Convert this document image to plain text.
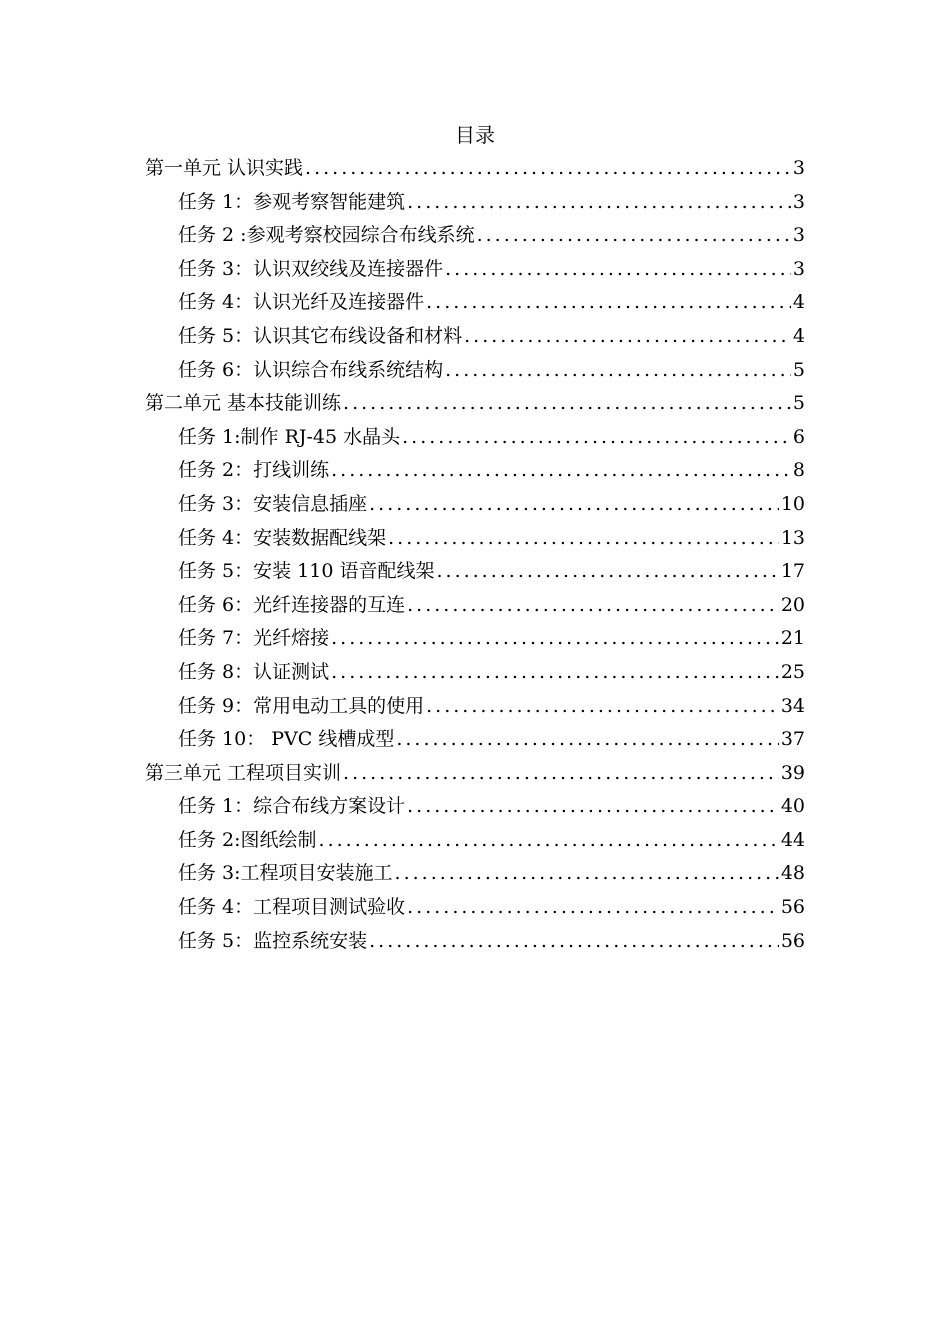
目录
第一单元 认识实践 .....	3
任务 1：参观考察智能建筑 .....	3
任务 2 :参观考察校园综合布线系统 .....	3
任务 3：认识双绞线及连接器件 .....	3
任务 4：认识光纤及连接器件 .....	4
任务 5：认识其它布线设备和材料 .....	4
任务 6：认识综合布线系统结构 .....	5
第二单元 基本技能训练 .....	5
任务 1:制作 RJ-45 水晶头 .....	6
任务 2：打线训练 .....	8
任务 3：安装信息插座 .....	10
任务 4：安装数据配线架 .....	13
任务 5：安装 110 语音配线架 .....	17
任务 6：光纤连接器的互连 .....	20
任务 7：光纤熔接 .....	21
任务 8：认证测试 .....	25
任务 9：常用电动工具的使用 .....	34
任务 10： PVC 线槽成型 .....	37
第三单元 工程项目实训 .....	39
任务 1：综合布线方案设计 .....	40
任务 2:图纸绘制 .....	44
任务 3:工程项目安装施工 .....	48
任务 4：工程项目测试验收 .....	56
任务 5：监控系统安装 .....	56
